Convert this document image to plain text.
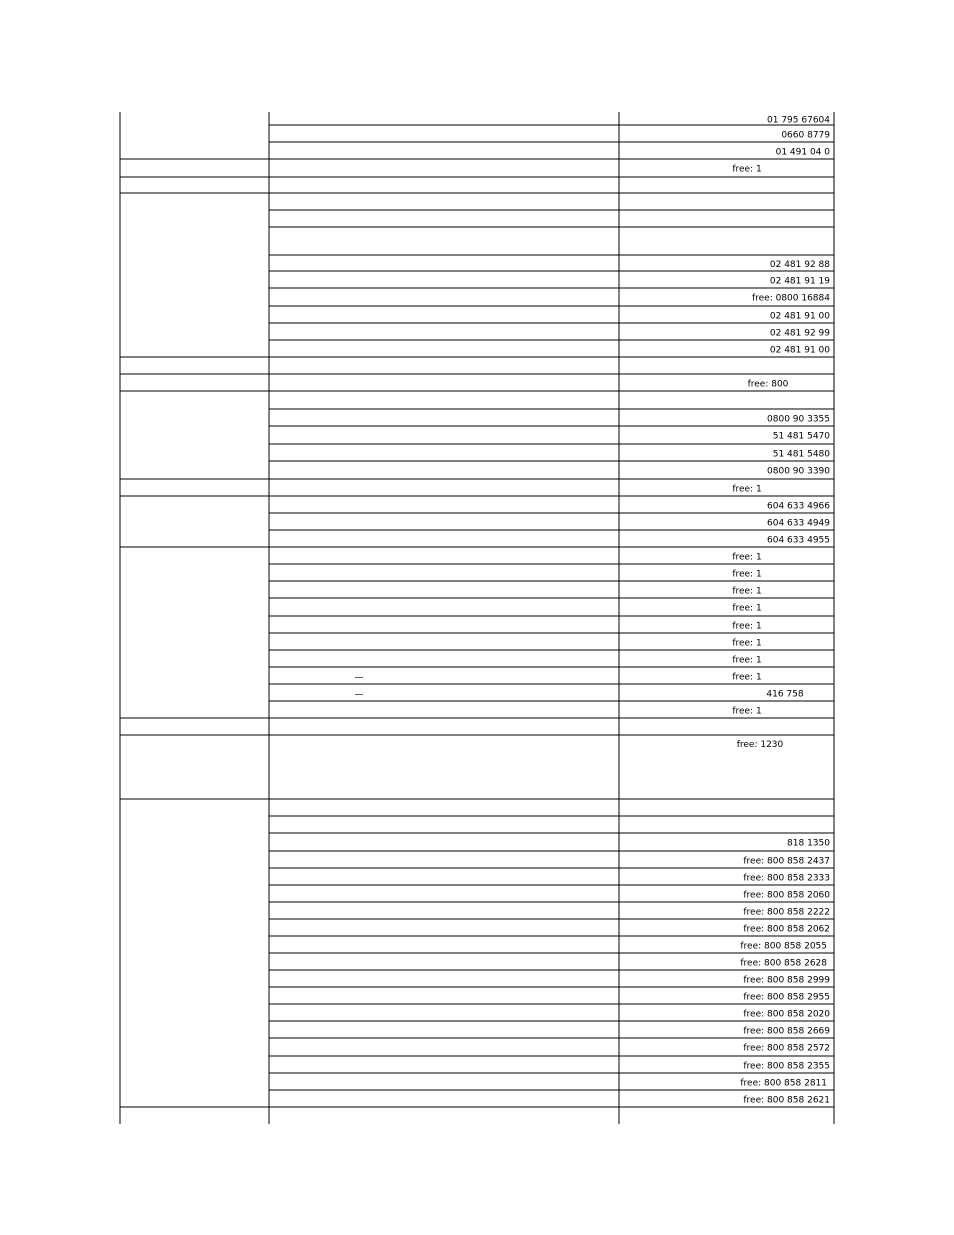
01 795 67604
0660 8779
01 491 04 0
free: 1
02 481 92 88
02 481 91 19
free: 0800 16884
02 481 91 00
02 481 92 99
02 481 91 00
free: 800
0800 90 3355
51 481 5470
51 481 5480
0800 90 3390
free: 1
604 633 4966
604 633 4949
604 633 4955
free: 1
free: 1
free: 1
free: 1
free: 1
free: 1
free: 1
free: 1
—
416 758
—
free: 1
free: 1230
818 1350
free: 800 858 2437
free: 800 858 2333
free: 800 858 2060
free: 800 858 2222
free: 800 858 2062
free: 800 858 2055
free: 800 858 2628
free: 800 858 2999
free: 800 858 2955
free: 800 858 2020
free: 800 858 2669
free: 800 858 2572
free: 800 858 2355
free: 800 858 2811
free: 800 858 2621
